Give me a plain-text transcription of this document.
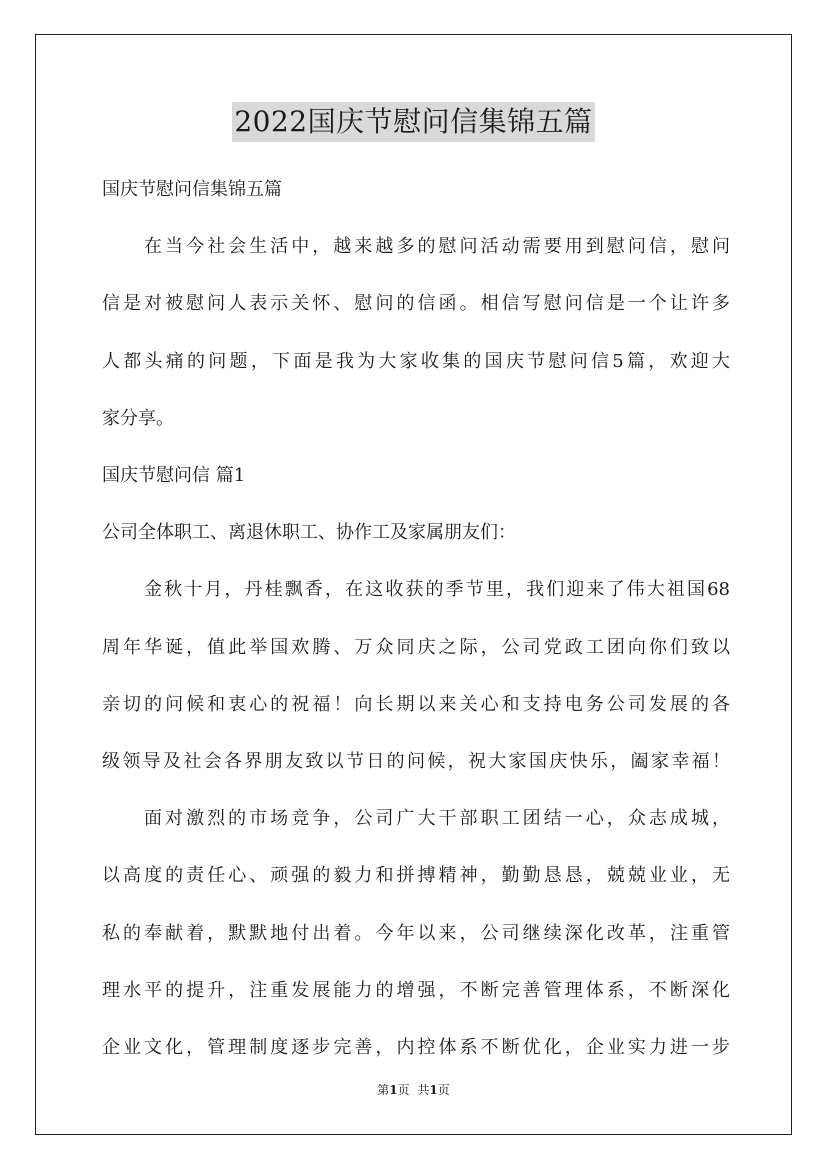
2022国庆节慰问信集锦五篇
国庆节慰问信集锦五篇
在当今社会生活中，越来越多的慰问活动需要用到慰问信，慰问
信是对被慰问人表示关怀、慰问的信函。相信写慰问信是一个让许多
人都头痛的问题，下面是我为大家收集的国庆节慰问信5篇，欢迎大
家分享。
国庆节慰问信 篇1
公司全体职工、离退休职工、协作工及家属朋友们：
金秋十月，丹桂飘香，在这收获的季节里，我们迎来了伟大祖国68
周年华诞，值此举国欢腾、万众同庆之际，公司党政工团向你们致以
亲切的问候和衷心的祝福！向长期以来关心和支持电务公司发展的各
级领导及社会各界朋友致以节日的问候，祝大家国庆快乐，阖家幸福！
面对激烈的市场竞争，公司广大干部职工团结一心，众志成城，
以高度的责任心、顽强的毅力和拼搏精神，勤勤恳恳，兢兢业业，无
私的奉献着，默默地付出着。今年以来，公司继续深化改革，注重管
理水平的提升，注重发展能力的增强，不断完善管理体系，不断深化
企业文化，管理制度逐步完善，内控体系不断优化，企业实力进一步
第1页 共1页
